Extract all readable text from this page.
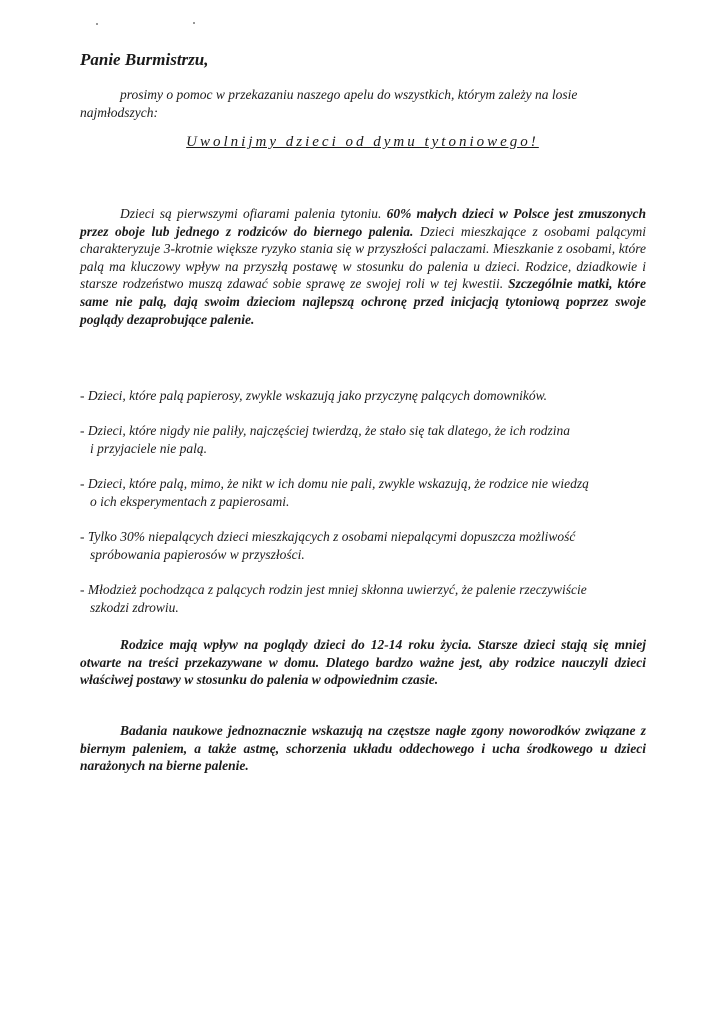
Panie Burmistrzu,

prosimy o pomoc w przekazaniu naszego apelu do wszystkich, którym zależy na losie najmłodszych:

Uwolnijmy dzieci od dymu tytoniowego!

Dzieci są pierwszymi ofiarami palenia tytoniu. 60% małych dzieci w Polsce jest zmuszonych przez oboje lub jednego z rodziców do biernego palenia. Dzieci mieszkające z osobami palącymi charakteryzuje 3-krotnie większe ryzyko stania się w przyszłości palaczami. Mieszkanie z osobami, które palą ma kluczowy wpływ na przyszłą postawę w stosunku do palenia u dzieci. Rodzice, dziadkowie i starsze rodzeństwo muszą zdawać sobie sprawę ze swojej roli w tej kwestii. Szczególnie matki, które same nie palą, dają swoim dzieciom najlepszą ochronę przed inicjacją tytoniową poprzez swoje poglądy dezaprobujące palenie.

- Dzieci, które palą papierosy, zwykle wskazują jako przyczynę palących domowników.

- Dzieci, które nigdy nie paliły, najczęściej twierdzą, że stało się tak dlatego, że ich rodzina
i przyjaciele nie palą.

- Dzieci, które palą, mimo, że nikt w ich domu nie pali, zwykle wskazują, że rodzice nie wiedzą
o ich eksperymentach z papierosami.

- Tylko 30% niepalących dzieci mieszkających z osobami niepalącymi dopuszcza możliwość
spróbowania papierosów w przyszłości.

- Młodzież pochodząca z palących rodzin jest mniej skłonna uwierzyć, że palenie rzeczywiście
szkodzi zdrowiu.

Rodzice mają wpływ na poglądy dzieci do 12-14 roku życia. Starsze dzieci stają się mniej otwarte na treści przekazywane w domu. Dlatego bardzo ważne jest, aby rodzice nauczyli dzieci właściwej postawy w stosunku do palenia w odpowiednim czasie.

Badania naukowe jednoznacznie wskazują na częstsze nagłe zgony noworodków związane z biernym paleniem, a także astmę, schorzenia układu oddechowego i ucha środkowego u dzieci narażonych na bierne palenie.
